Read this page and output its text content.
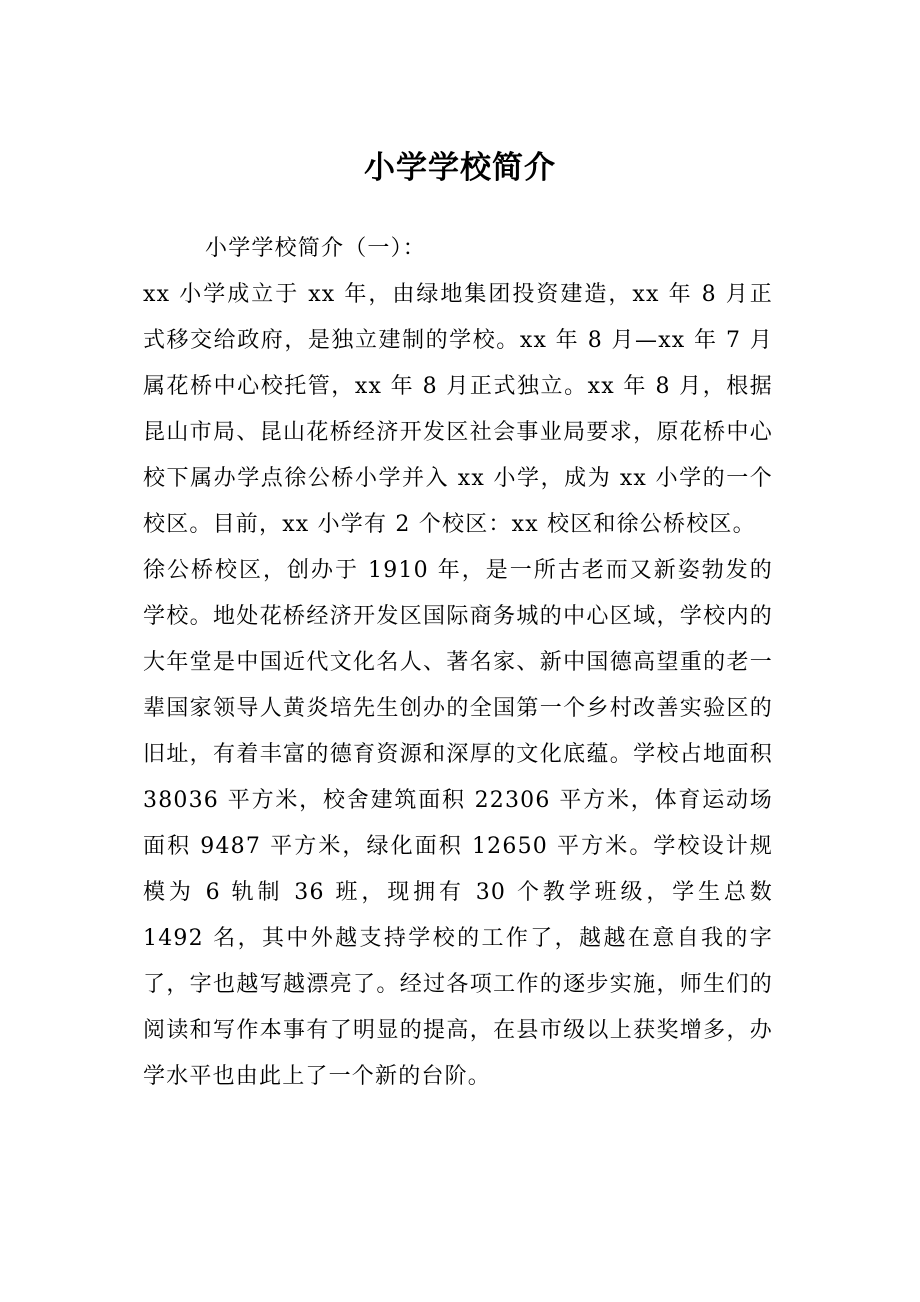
小学学校简介

小学学校简介（一）：

xx 小学成立于 xx 年，由绿地集团投资建造，xx 年 8 月正式移交给政府，是独立建制的学校。xx 年 8 月—xx 年 7 月属花桥中心校托管，xx 年 8 月正式独立。xx 年 8 月，根据昆山市局、昆山花桥经济开发区社会事业局要求，原花桥中心校下属办学点徐公桥小学并入 xx 小学，成为 xx 小学的一个校区。目前，xx 小学有 2 个校区：xx 校区和徐公桥校区。

徐公桥校区，创办于 1910 年，是一所古老而又新姿勃发的学校。地处花桥经济开发区国际商务城的中心区域，学校内的大年堂是中国近代文化名人、著名家、新中国德高望重的老一辈国家领导人黄炎培先生创办的全国第一个乡村改善实验区的旧址，有着丰富的德育资源和深厚的文化底蕴。学校占地面积 38036 平方米，校舍建筑面积 22306 平方米，体育运动场面积 9487 平方米，绿化面积 12650 平方米。学校设计规模为 6 轨制 36 班，现拥有 30 个教学班级，学生总数 1492 名，其中外越支持学校的工作了，越越在意自我的字了，字也越写越漂亮了。经过各项工作的逐步实施，师生们的阅读和写作本事有了明显的提高，在县市级以上获奖增多，办学水平也由此上了一个新的台阶。
